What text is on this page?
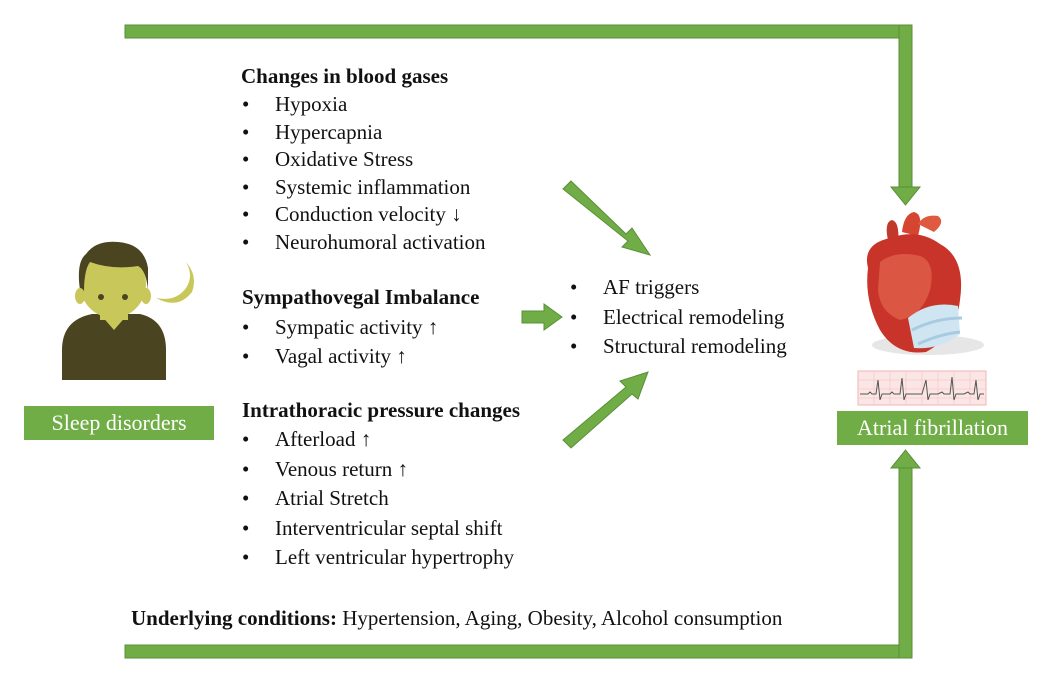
Sleep disorders	Atrial fibrillation
Changes in blood gases
• Hypoxia
• Hypercapnia
• Oxidative Stress
• Systemic inflammation
• Conduction velocity ↓
• Neurohumoral activation
Sympathovegal Imbalance
• Sympatic activity ↑
• Vagal activity ↑
Intrathoracic pressure changes
• Afterload ↑
• Venous return ↑
• Atrial Stretch
• Interventricular septal shift
• Left ventricular hypertrophy
• AF triggers
• Electrical remodeling
• Structural remodeling
Underlying conditions: Hypertension, Aging, Obesity, Alcohol consumption
